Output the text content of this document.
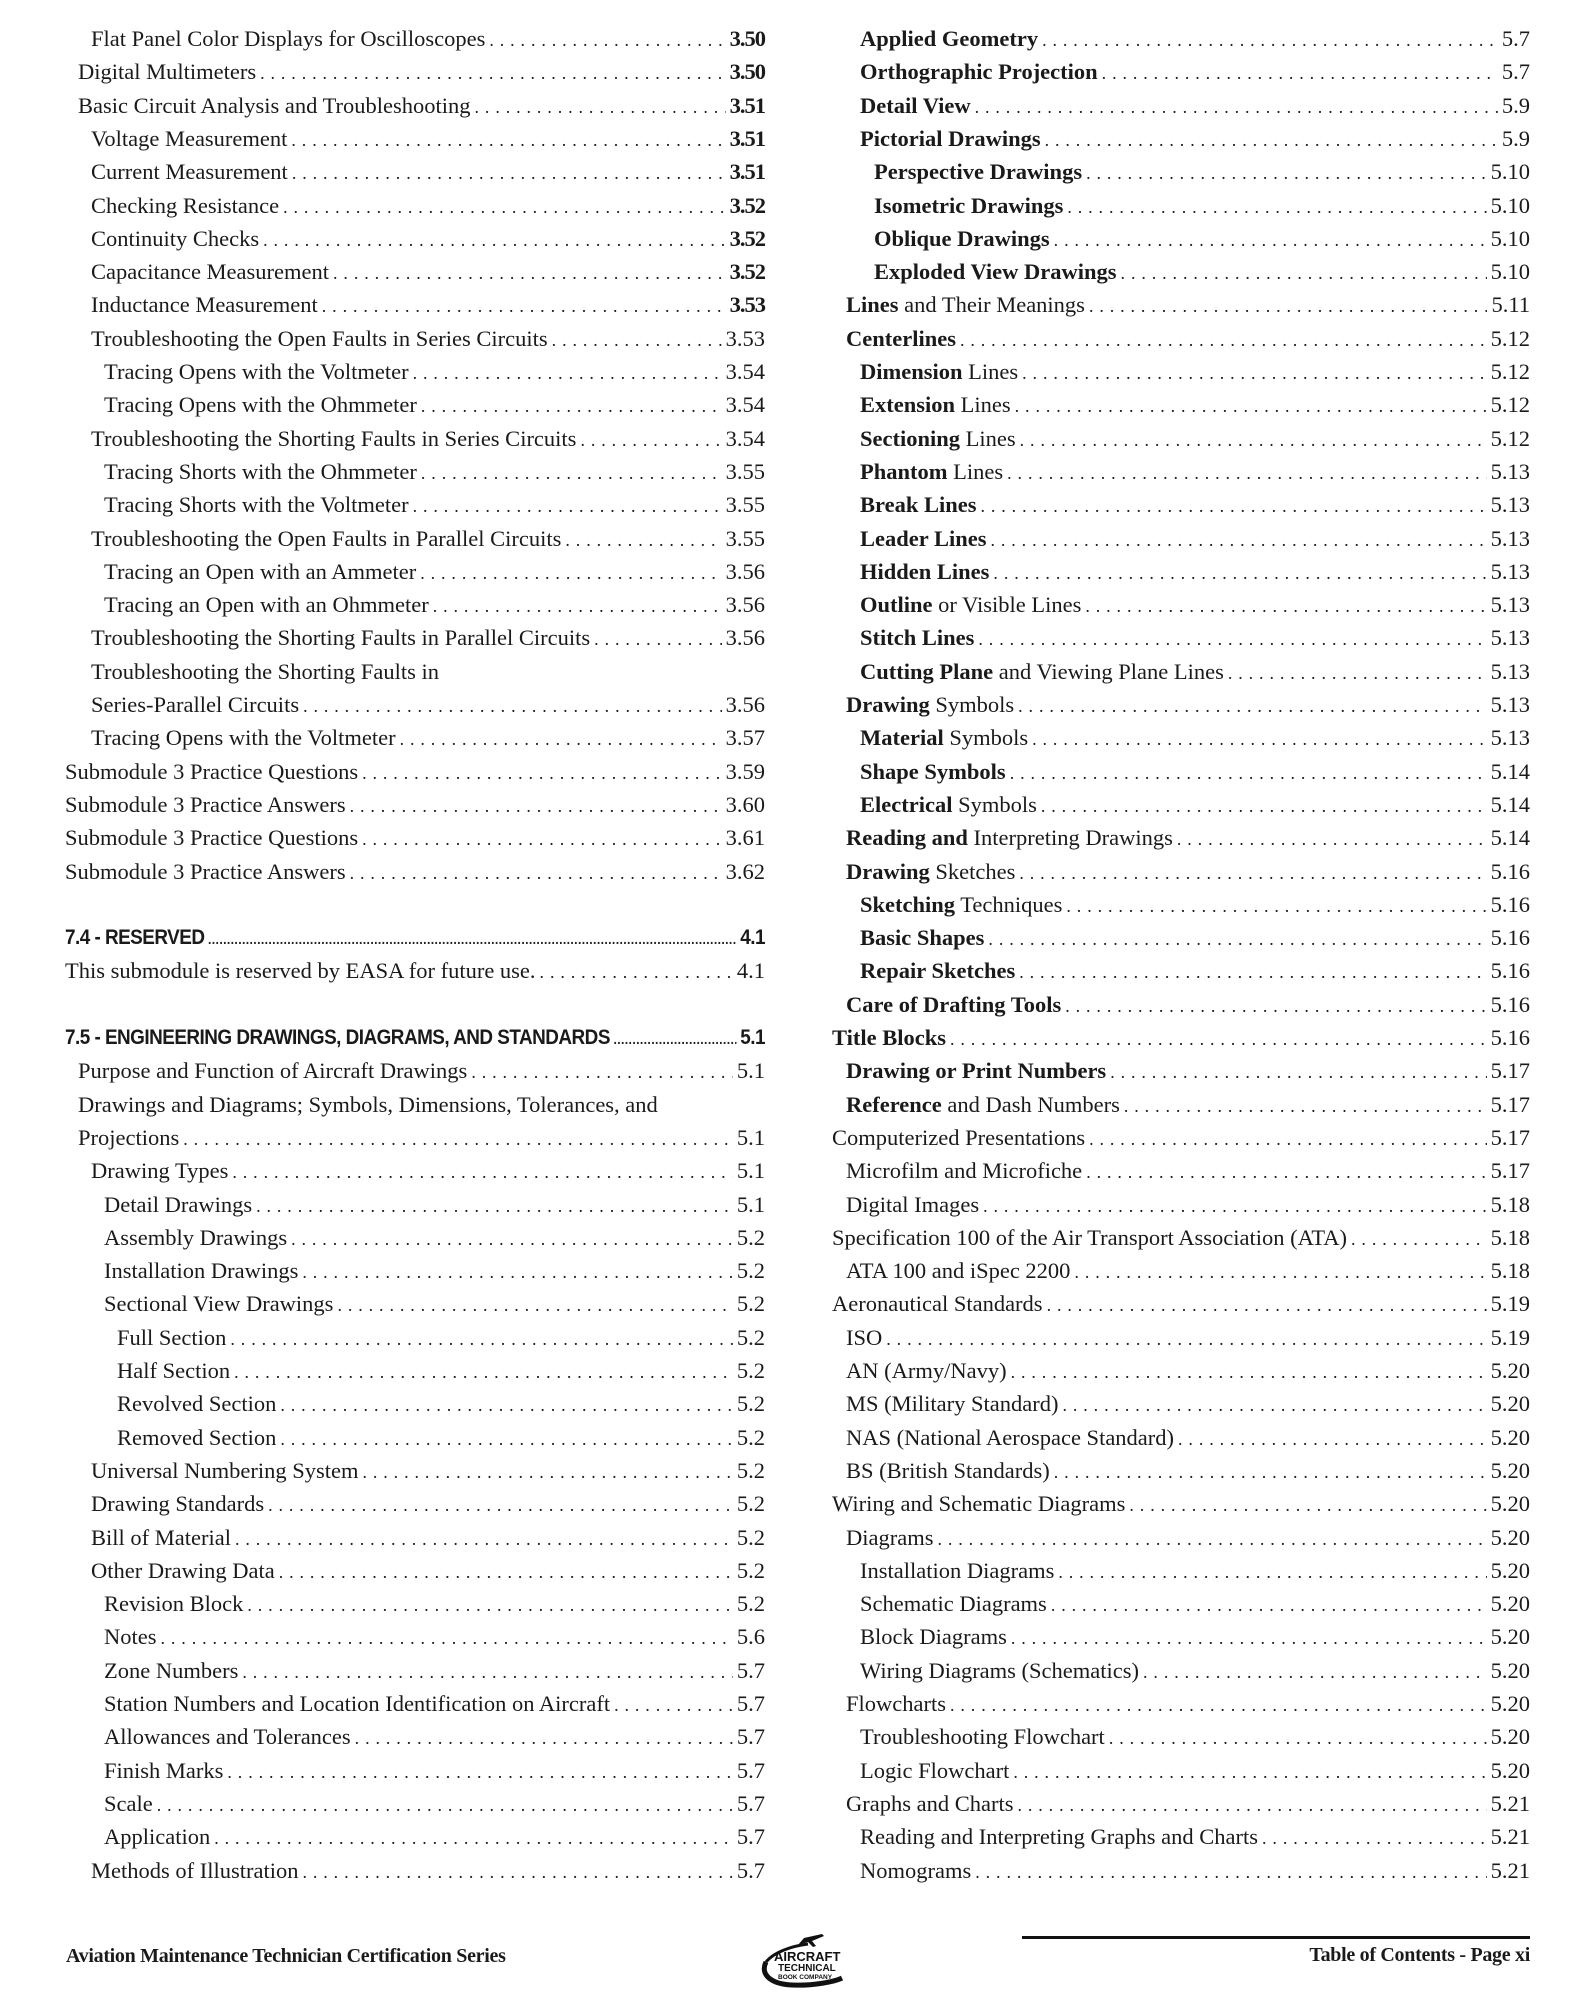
Flat Panel Color Displays for Oscilloscopes . . .	3.50
Digital Multimeters . . .	3.50
Basic Circuit Analysis and Troubleshooting . . .	3.51
Voltage Measurement . . .	3.51
Current Measurement . . .	3.51
Checking Resistance . . .	3.52
Continuity Checks . . .	3.52
Capacitance Measurement . . .	3.52
Inductance Measurement . . .	3.53
Troubleshooting the Open Faults in Series Circuits . . .	3.53
Tracing Opens with the Voltmeter . . .	3.54
Tracing Opens with the Ohmmeter . . .	3.54
Troubleshooting the Shorting Faults in Series Circuits . . .	3.54
Tracing Shorts with the Ohmmeter . . .	3.55
Tracing Shorts with the Voltmeter . . .	3.55
Troubleshooting the Open Faults in Parallel Circuits . . .	3.55
Tracing an Open with an Ammeter . . .	3.56
Tracing an Open with an Ohmmeter . . .	3.56
Troubleshooting the Shorting Faults in Parallel Circuits . . .	3.56
Troubleshooting the Shorting Faults in
Series-Parallel Circuits . . .	3.56
Tracing Opens with the Voltmeter . . .	3.57
Submodule 3 Practice Questions . . .	3.59
Submodule 3 Practice Answers . . .	3.60
Submodule 3 Practice Questions . . .	3.61
Submodule 3 Practice Answers . . .	3.62
7.4 - RESERVED .....	4.1
This submodule is reserved by EASA for future use. . . .	4.1
7.5 - ENGINEERING DRAWINGS, DIAGRAMS, AND STANDARDS .....	5.1
Purpose and Function of Aircraft Drawings . . .	5.1
Drawings and Diagrams; Symbols, Dimensions, Tolerances, and
Projections . . .	5.1
Drawing Types . . .	5.1
Detail Drawings . . .	5.1
Assembly Drawings . . .	5.2
Installation Drawings . . .	5.2
Sectional View Drawings . . .	5.2
Full Section . . .	5.2
Half Section . . .	5.2
Revolved Section . . .	5.2
Removed Section . . .	5.2
Universal Numbering System . . .	5.2
Drawing Standards . . .	5.2
Bill of Material . . .	5.2
Other Drawing Data . . .	5.2
Revision Block . . .	5.2
Notes . . .	5.6
Zone Numbers . . .	5.7
Station Numbers and Location Identification on Aircraft . . .	5.7
Allowances and Tolerances . . .	5.7
Finish Marks . . .	5.7
Scale . . .	5.7
Application . . .	5.7
Methods of Illustration . . .	5.7
Applied Geometry . . .	5.7
Orthographic Projection . . .	5.7
Detail View . . .	5.9
Pictorial Drawings . . .	5.9
Perspective Drawings . . .	5.10
Isometric Drawings . . .	5.10
Oblique Drawings . . .	5.10
Exploded View Drawings . . .	5.10
Lines and Their Meanings . . .	5.11
Centerlines . . .	5.12
Dimension Lines . . .	5.12
Extension Lines . . .	5.12
Sectioning Lines . . .	5.12
Phantom Lines . . .	5.13
Break Lines . . .	5.13
Leader Lines . . .	5.13
Hidden Lines . . .	5.13
Outline or Visible Lines . . .	5.13
Stitch Lines . . .	5.13
Cutting Plane and Viewing Plane Lines . . .	5.13
Drawing Symbols . . .	5.13
Material Symbols . . .	5.13
Shape Symbols . . .	5.14
Electrical Symbols . . .	5.14
Reading and Interpreting Drawings . . .	5.14
Drawing Sketches . . .	5.16
Sketching Techniques . . .	5.16
Basic Shapes . . .	5.16
Repair Sketches . . .	5.16
Care of Drafting Tools . . .	5.16
Title Blocks . . .	5.16
Drawing or Print Numbers . . .	5.17
Reference and Dash Numbers . . .	5.17
Computerized Presentations . . .	5.17
Microfilm and Microfiche . . .	5.17
Digital Images . . .	5.18
Specification 100 of the Air Transport Association (ATA) . . .	5.18
ATA 100 and iSpec 2200 . . .	5.18
Aeronautical Standards . . .	5.19
ISO . . .	5.19
AN (Army/Navy) . . .	5.20
MS (Military Standard) . . .	5.20
NAS (National Aerospace Standard) . . .	5.20
BS (British Standards) . . .	5.20
Wiring and Schematic Diagrams . . .	5.20
Diagrams . . .	5.20
Installation Diagrams . . .	5.20
Schematic Diagrams . . .	5.20
Block Diagrams . . .	5.20
Wiring Diagrams (Schematics) . . .	5.20
Flowcharts . . .	5.20
Troubleshooting Flowchart . . .	5.20
Logic Flowchart . . .	5.20
Graphs and Charts . . .	5.21
Reading and Interpreting Graphs and Charts . . .	5.21
Nomograms . . .	5.21
Aviation Maintenance Technician Certification Series	AIRCRAFT
TECHNICAL
BOOK COMPANY
Table of Contents - Page xi
